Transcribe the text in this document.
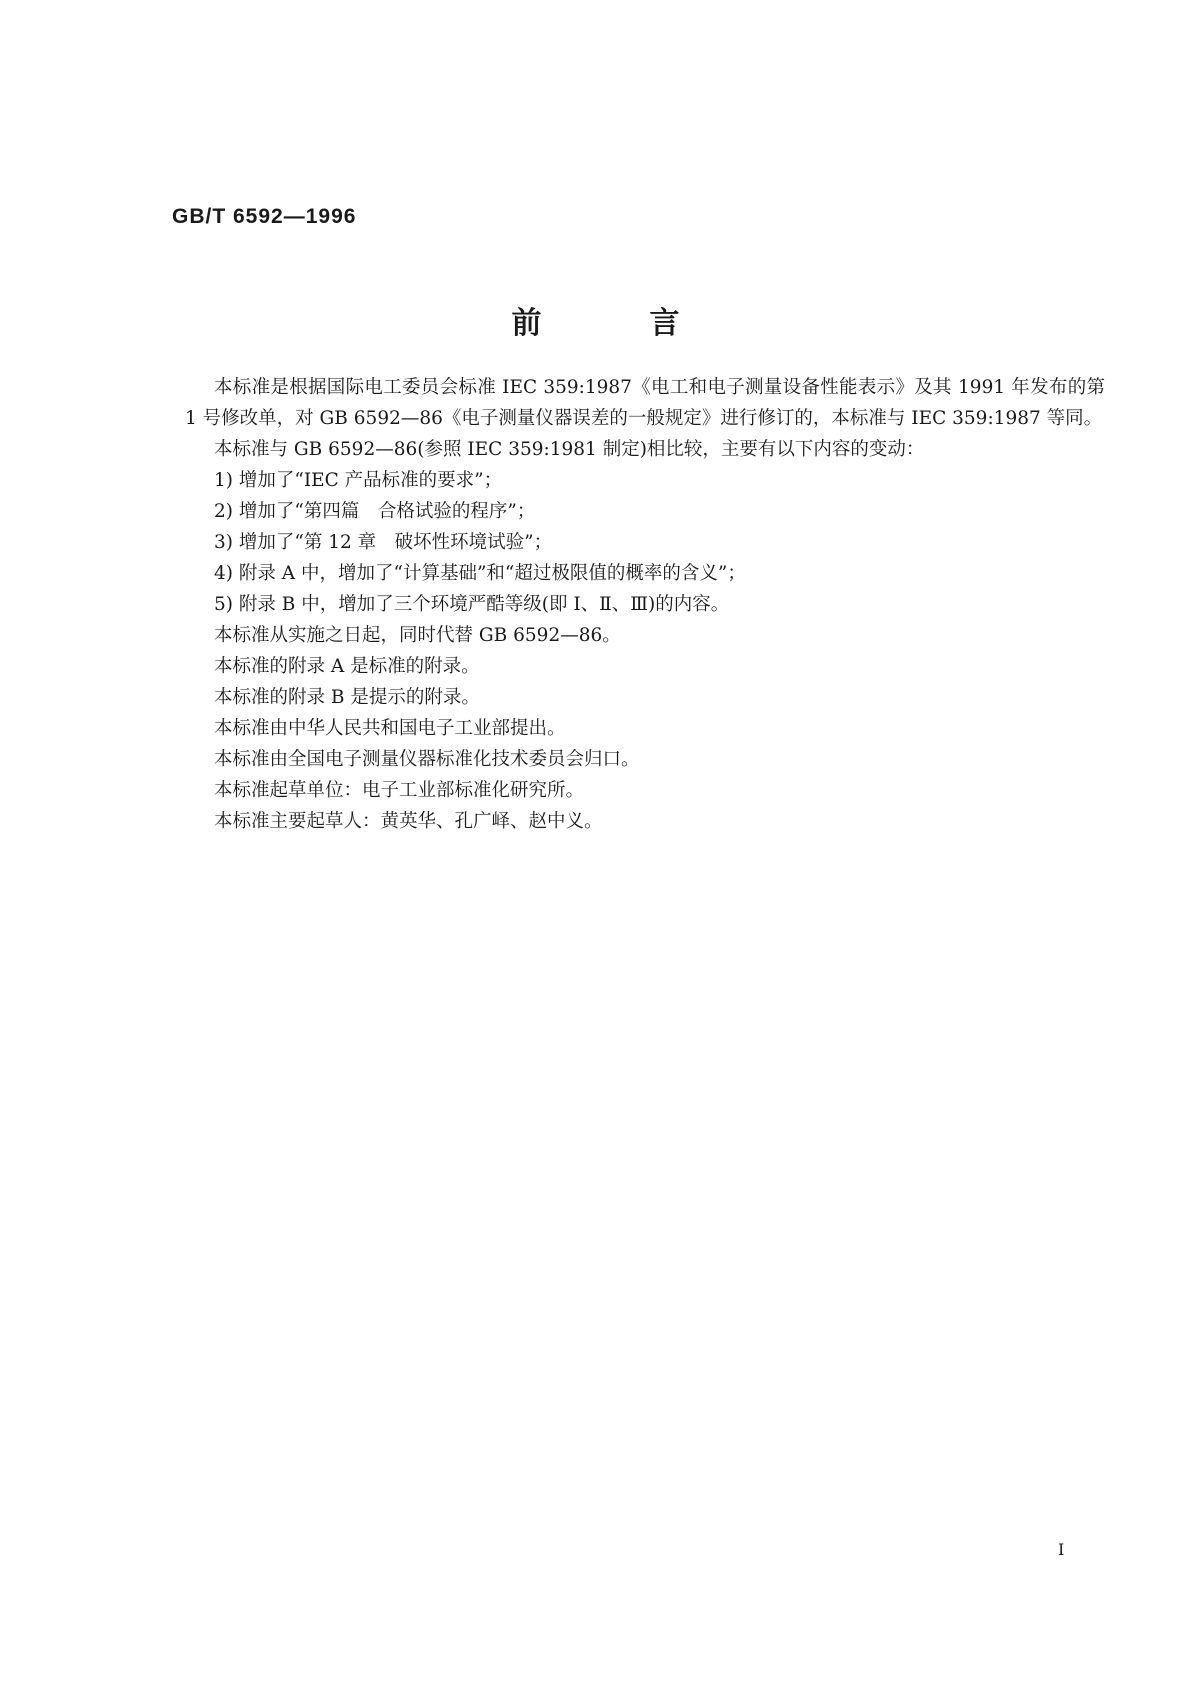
GB/T 6592—1996

前言

本标准是根据国际电工委员会标准 IEC 359:1987《电工和电子测量设备性能表示》及其 1991 年发布的第 1 号修改单，对 GB 6592—86《电子测量仪器误差的一般规定》进行修订的，本标准与 IEC 359:1987 等同。

本标准与 GB 6592—86(参照 IEC 359:1981 制定)相比较，主要有以下内容的变动：

1) 增加了“IEC 产品标准的要求”；

2) 增加了“第四篇　合格试验的程序”；

3) 增加了“第 12 章　破坏性环境试验”；

4) 附录 A 中，增加了“计算基础”和“超过极限值的概率的含义”；

5) 附录 B 中，增加了三个环境严酷等级(即 Ⅰ、Ⅱ、Ⅲ)的内容。

本标准从实施之日起，同时代替 GB 6592—86。

本标准的附录 A 是标准的附录。

本标准的附录 B 是提示的附录。

本标准由中华人民共和国电子工业部提出。

本标准由全国电子测量仪器标准化技术委员会归口。

本标准起草单位：电子工业部标准化研究所。

本标准主要起草人：黄英华、孔广峄、赵中义。

I
